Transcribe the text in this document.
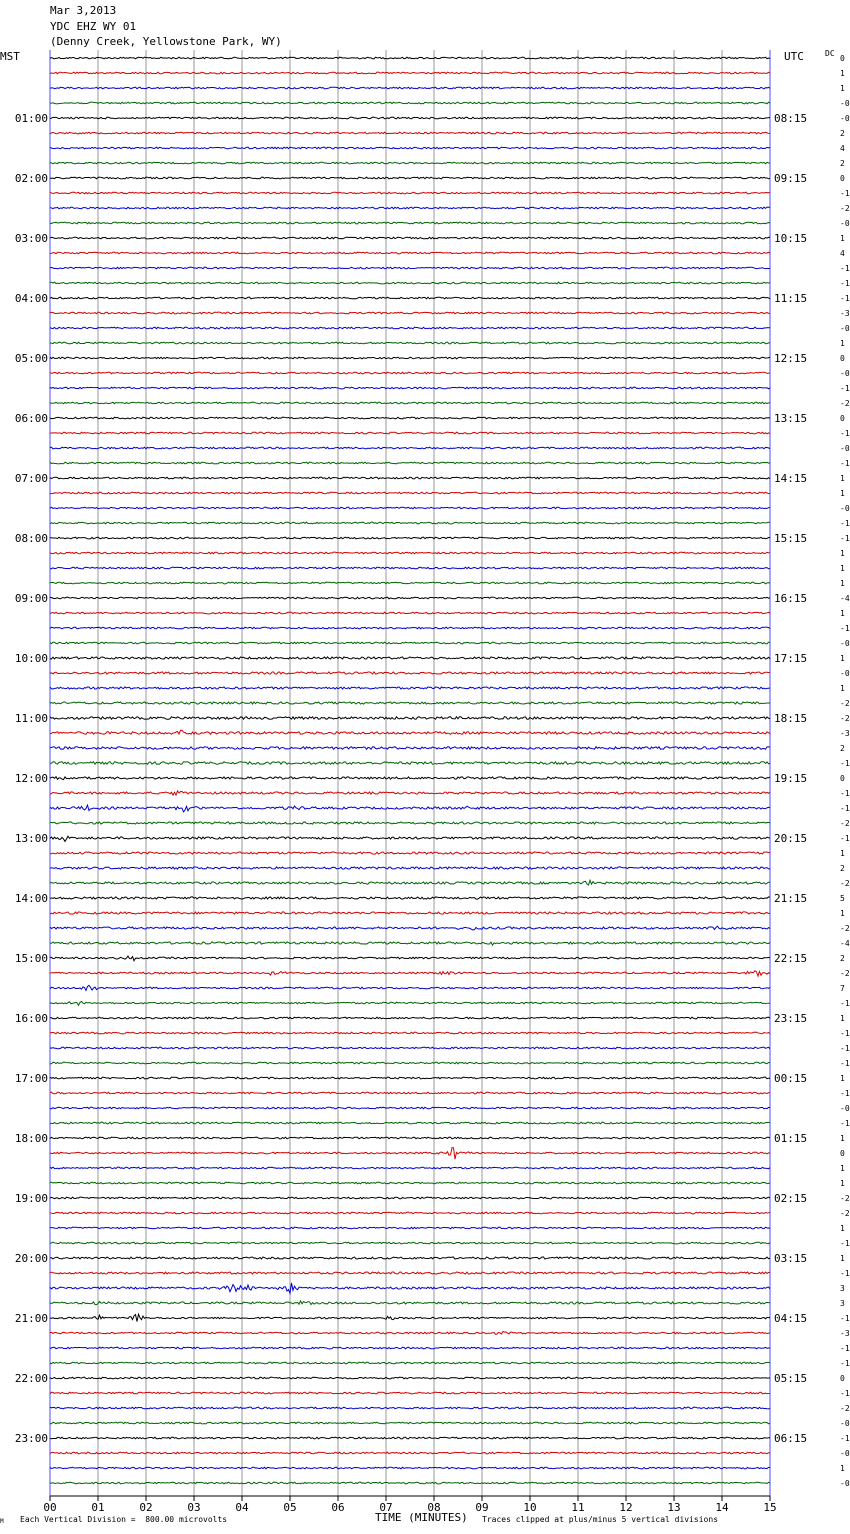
Mar 3,2013
YDC EHZ WY 01
(Denny Creek, Yellowstone Park, WY)
MST	UTC	DC
00	01	02	03	04	05	06	07	08	09	10	11	12	13	14	15
0
1
1
-0
-0
2
4
2
0
-1
-2
-0
1
4
-1
-1
-1
-3
-0
1
0
-0
-1
-2
0
-1
-0
-1
1
1
-0
-1
-1
1
1
1
-4
1
-1
-0
1
-0
1
-2
-2
-3
2
-1
0
-1
-1
-2
-1
1
2
-2
5
1
-2
-4
2
-2
7
-1
1
-1
-1
-1
1
-1
-0
-1
1
0
1
1
-2
-2
1
-1
1
-1
3
3
-1
-3
-1
-1
0
-1
-2
-0
-1
-0
1
-0
01:00
02:00
03:00
04:00
05:00
06:00
07:00
08:00
09:00
10:00
11:00
12:00
13:00
14:00
15:00
16:00
17:00
18:00
19:00
20:00
21:00
22:00
23:00
08:15
09:15
10:15
11:15
12:15
13:15
14:15
15:15
16:15
17:15
18:15
19:15
20:15
21:15
22:15
23:15
00:15
01:15
02:15
03:15
04:15
05:15
06:15
TIME (MINUTES)
Each Vertical Division =  800.00 microvolts	Traces clipped at plus/minus 5 vertical divisions
M
